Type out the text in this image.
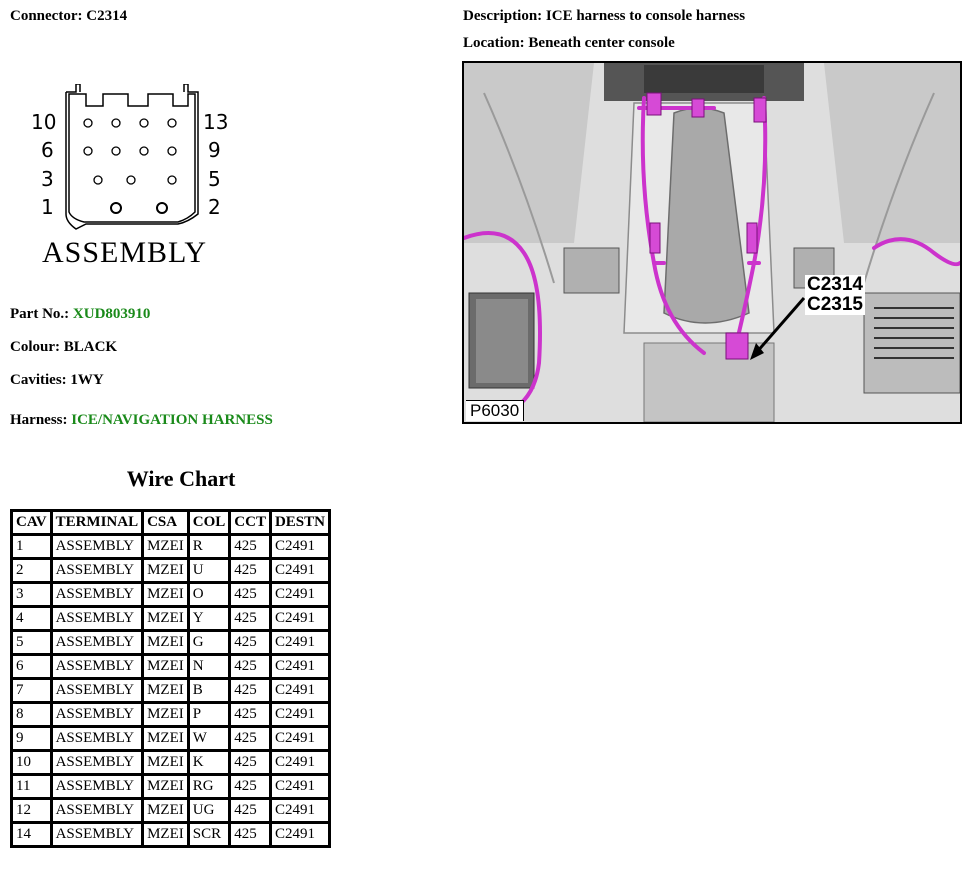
Connector: C2314	Description: ICE harness to console harness
Location: Beneath center console
10
6
3
1
13
9
5
2
ASSEMBLY
C2314
C2315
P6030
Part No.: XUD803910
Colour: BLACK
Cavities: 1WY
Harness: ICE/NAVIGATION HARNESS
Wire Chart
CAV	TERMINAL	CSA	COL	CCT	DESTN
1	ASSEMBLY	MZEI	R	425	C2491
2	ASSEMBLY	MZEI	U	425	C2491
3	ASSEMBLY	MZEI	O	425	C2491
4	ASSEMBLY	MZEI	Y	425	C2491
5	ASSEMBLY	MZEI	G	425	C2491
6	ASSEMBLY	MZEI	N	425	C2491
7	ASSEMBLY	MZEI	B	425	C2491
8	ASSEMBLY	MZEI	P	425	C2491
9	ASSEMBLY	MZEI	W	425	C2491
10	ASSEMBLY	MZEI	K	425	C2491
11	ASSEMBLY	MZEI	RG	425	C2491
12	ASSEMBLY	MZEI	UG	425	C2491
14	ASSEMBLY	MZEI	SCR	425	C2491
